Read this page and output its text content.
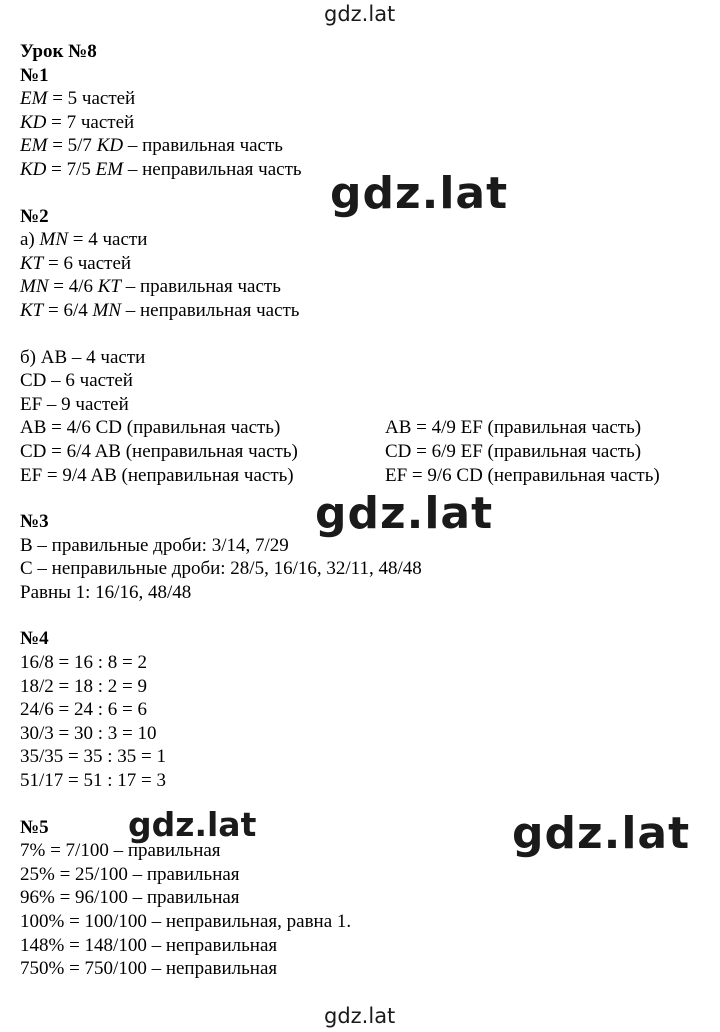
gdz.lat
gdz.lat
gdz.lat
gdz.lat	gdz.lat
gdz.lat
Урок №8
№1
EM = 5 частей
KD = 7 частей
EM = 5/7 KD – правильная часть
KD = 7/5 EM – неправильная часть
№2
а) MN = 4 части
KT = 6 частей
MN = 4/6 KT – правильная часть
KT = 6/4 MN – неправильная часть
б) AB – 4 части
CD – 6 частей
EF – 9 частей
AB = 4/6 CD (правильная часть)	AB = 4/9 EF (правильная часть)
CD = 6/4 AB (неправильная часть)	CD = 6/9 EF (правильная часть)
EF = 9/4 AB (неправильная часть)	EF = 9/6 CD (неправильная часть)
№3
B – правильные дроби: 3/14, 7/29
C – неправильные дроби: 28/5, 16/16, 32/11, 48/48
Равны 1: 16/16, 48/48
№4
16/8 = 16 : 8 = 2
18/2 = 18 : 2 = 9
24/6 = 24 : 6 = 6
30/3 = 30 : 3 = 10
35/35 = 35 : 35 = 1
51/17 = 51 : 17 = 3
№5
7% = 7/100 – правильная
25% = 25/100 – правильная
96% = 96/100 – правильная
100% = 100/100 – неправильная, равна 1.
148% = 148/100 – неправильная
750% = 750/100 – неправильная
